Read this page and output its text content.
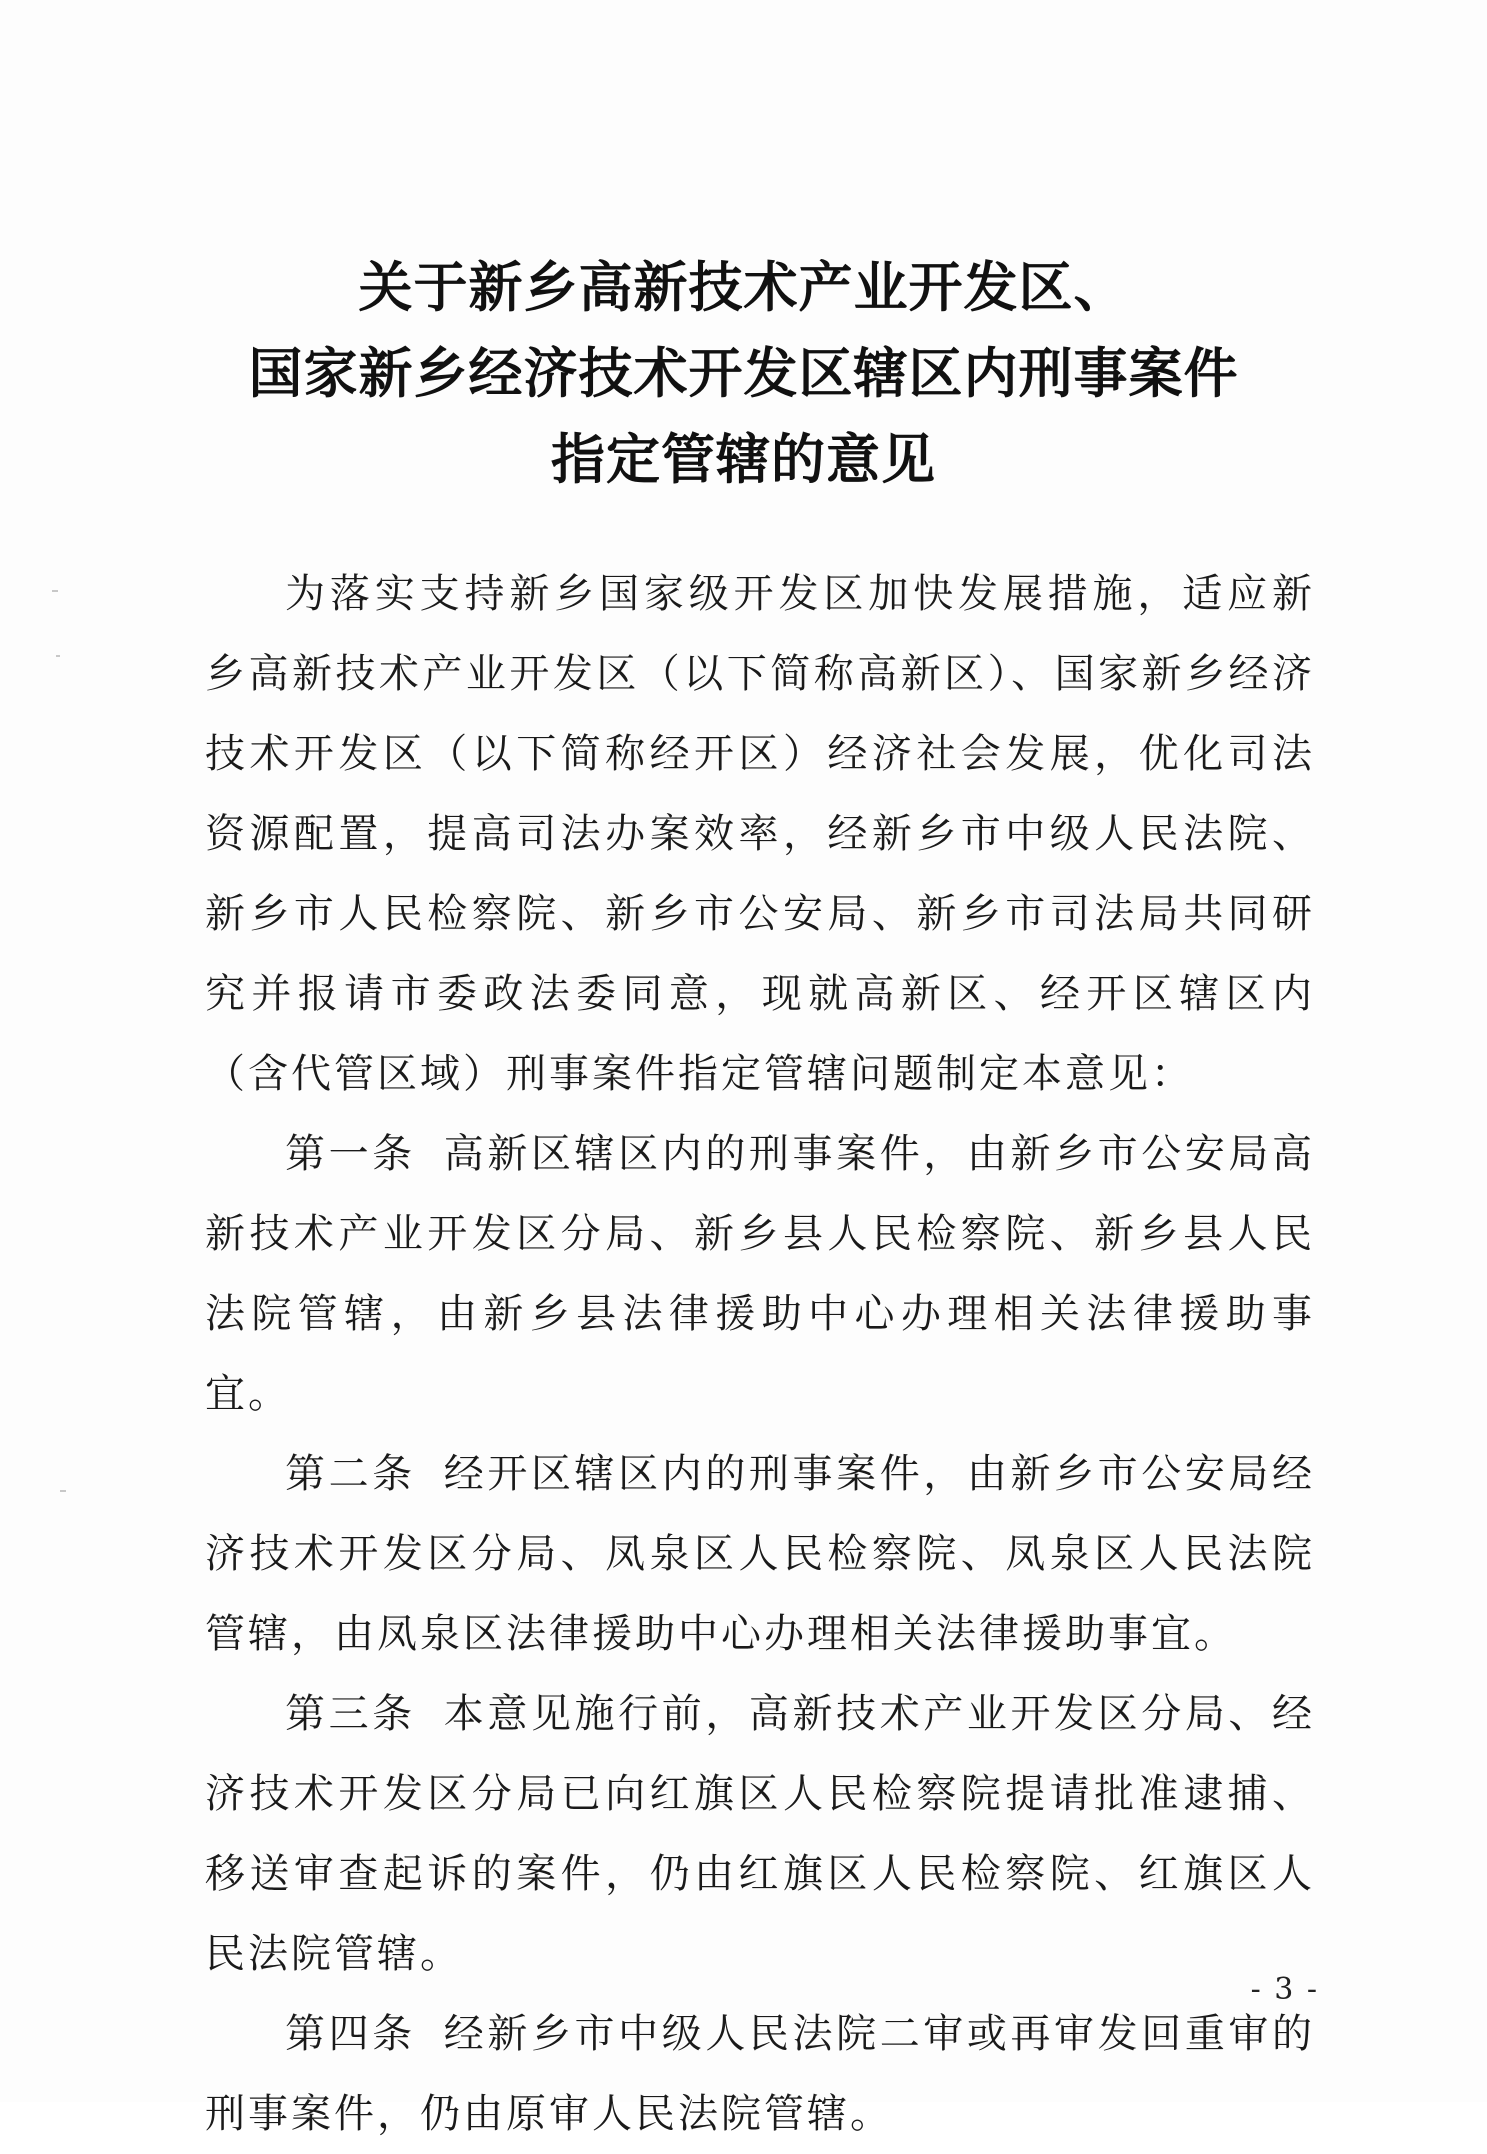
关于新乡高新技术产业开发区、
国家新乡经济技术开发区辖区内刑事案件
指定管辖的意见

为落实支持新乡国家级开发区加快发展措施，适应新乡高新技术产业开发区（以下简称高新区）、国家新乡经济技术开发区（以下简称经开区）经济社会发展，优化司法资源配置，提高司法办案效率，经新乡市中级人民法院、新乡市人民检察院、新乡市公安局、新乡市司法局共同研究并报请市委政法委同意，现就高新区、经开区辖区内（含代管区域）刑事案件指定管辖问题制定本意见：

第一条 高新区辖区内的刑事案件，由新乡市公安局高新技术产业开发区分局、新乡县人民检察院、新乡县人民法院管辖，由新乡县法律援助中心办理相关法律援助事宜。

第二条 经开区辖区内的刑事案件，由新乡市公安局经济技术开发区分局、凤泉区人民检察院、凤泉区人民法院管辖，由凤泉区法律援助中心办理相关法律援助事宜。

第三条 本意见施行前，高新技术产业开发区分局、经济技术开发区分局已向红旗区人民检察院提请批准逮捕、移送审查起诉的案件，仍由红旗区人民检察院、红旗区人民法院管辖。

第四条 经新乡市中级人民法院二审或再审发回重审的刑事案件，仍由原审人民法院管辖。

- 3 -
